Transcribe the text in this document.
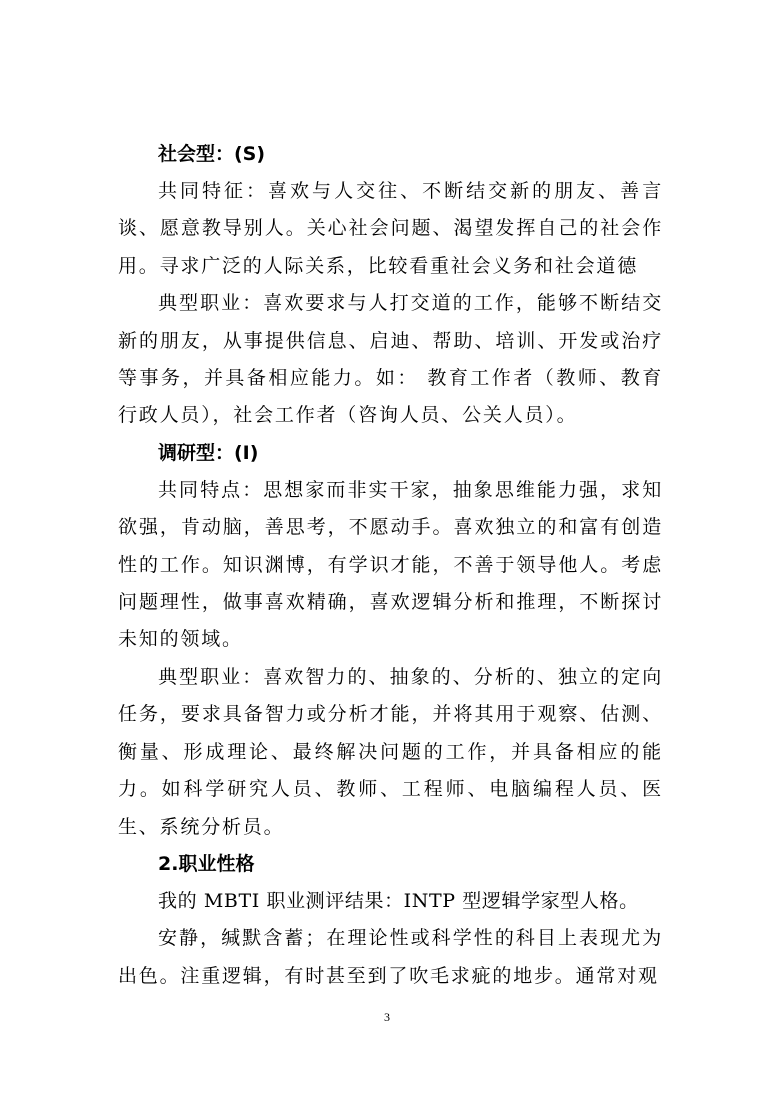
社会型：(S)

共同特征：喜欢与人交往、不断结交新的朋友、善言谈、愿意教导别人。关心社会问题、渴望发挥自己的社会作用。寻求广泛的人际关系，比较看重社会义务和社会道德

典型职业：喜欢要求与人打交道的工作，能够不断结交新的朋友，从事提供信息、启迪、帮助、培训、开发或治疗等事务，并具备相应能力。如： 教育工作者（教师、教育行政人员），社会工作者（咨询人员、公关人员）。

调研型：(I)

共同特点：思想家而非实干家，抽象思维能力强，求知欲强，肯动脑，善思考，不愿动手。喜欢独立的和富有创造性的工作。知识渊博，有学识才能，不善于领导他人。考虑问题理性，做事喜欢精确，喜欢逻辑分析和推理，不断探讨未知的领域。

典型职业：喜欢智力的、抽象的、分析的、独立的定向任务，要求具备智力或分析才能，并将其用于观察、估测、衡量、形成理论、最终解决问题的工作，并具备相应的能力。如科学研究人员、教师、工程师、电脑编程人员、医生、系统分析员。

2.职业性格

我的 MBTI 职业测评结果：INTP 型逻辑学家型人格。

安静，缄默含蓄；在理论性或科学性的科目上表现尤为出色。注重逻辑，有时甚至到了吹毛求疵的地步。通常对观

3
